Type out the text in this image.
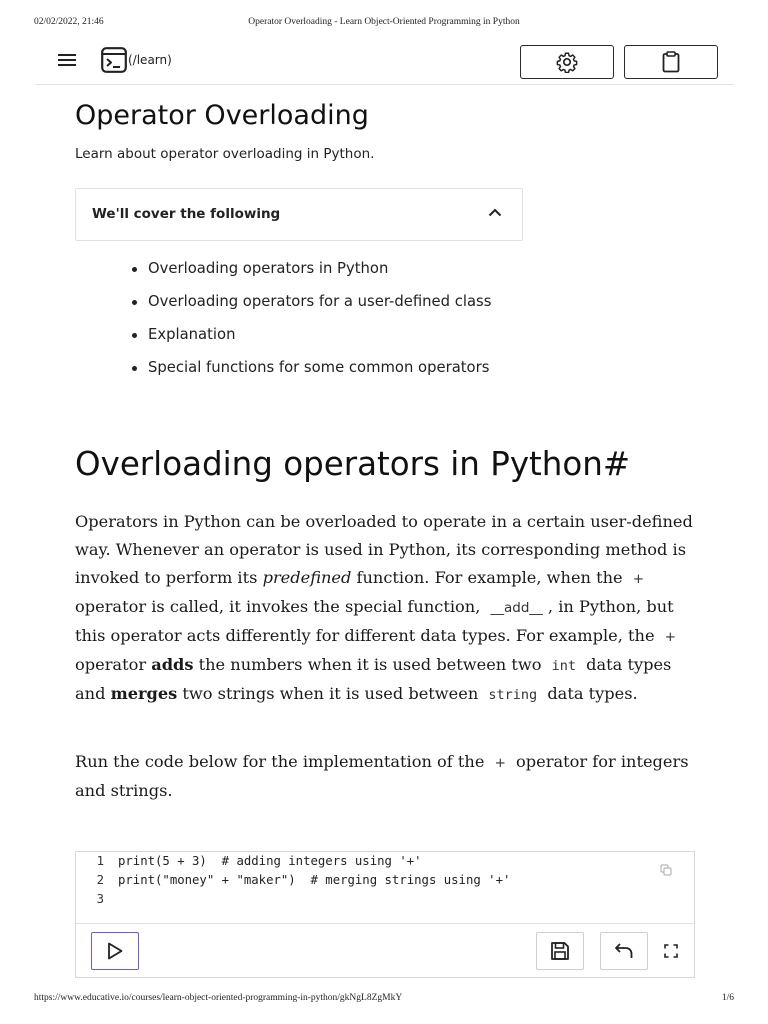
02/02/2022, 21:46	Operator Overloading - Learn Object-Oriented Programming in Python
(/learn)
Operator Overloading

Learn about operator overloading in Python.

We'll cover the following
Overloading operators in Python
Overloading operators for a user-defined class
Explanation
Special functions for some common operators
Overloading operators in Python#

Operators in Python can be overloaded to operate in a certain user-defined way. Whenever an operator is used in Python, its corresponding method is invoked to perform its predefined function. For example, when the + operator is called, it invokes the special function, __add__ , in Python, but this operator acts differently for different data types. For example, the + operator adds the numbers when it is used between two int data types and merges two strings when it is used between string data types.

Run the code below for the implementation of the + operator for integers and strings.

1 print(5 + 3)  # adding integers using '+'
2 print("money" + "maker")  # merging strings using '+'
3
https://www.educative.io/courses/learn-object-oriented-programming-in-python/gkNgL8ZgMkY	1/6
